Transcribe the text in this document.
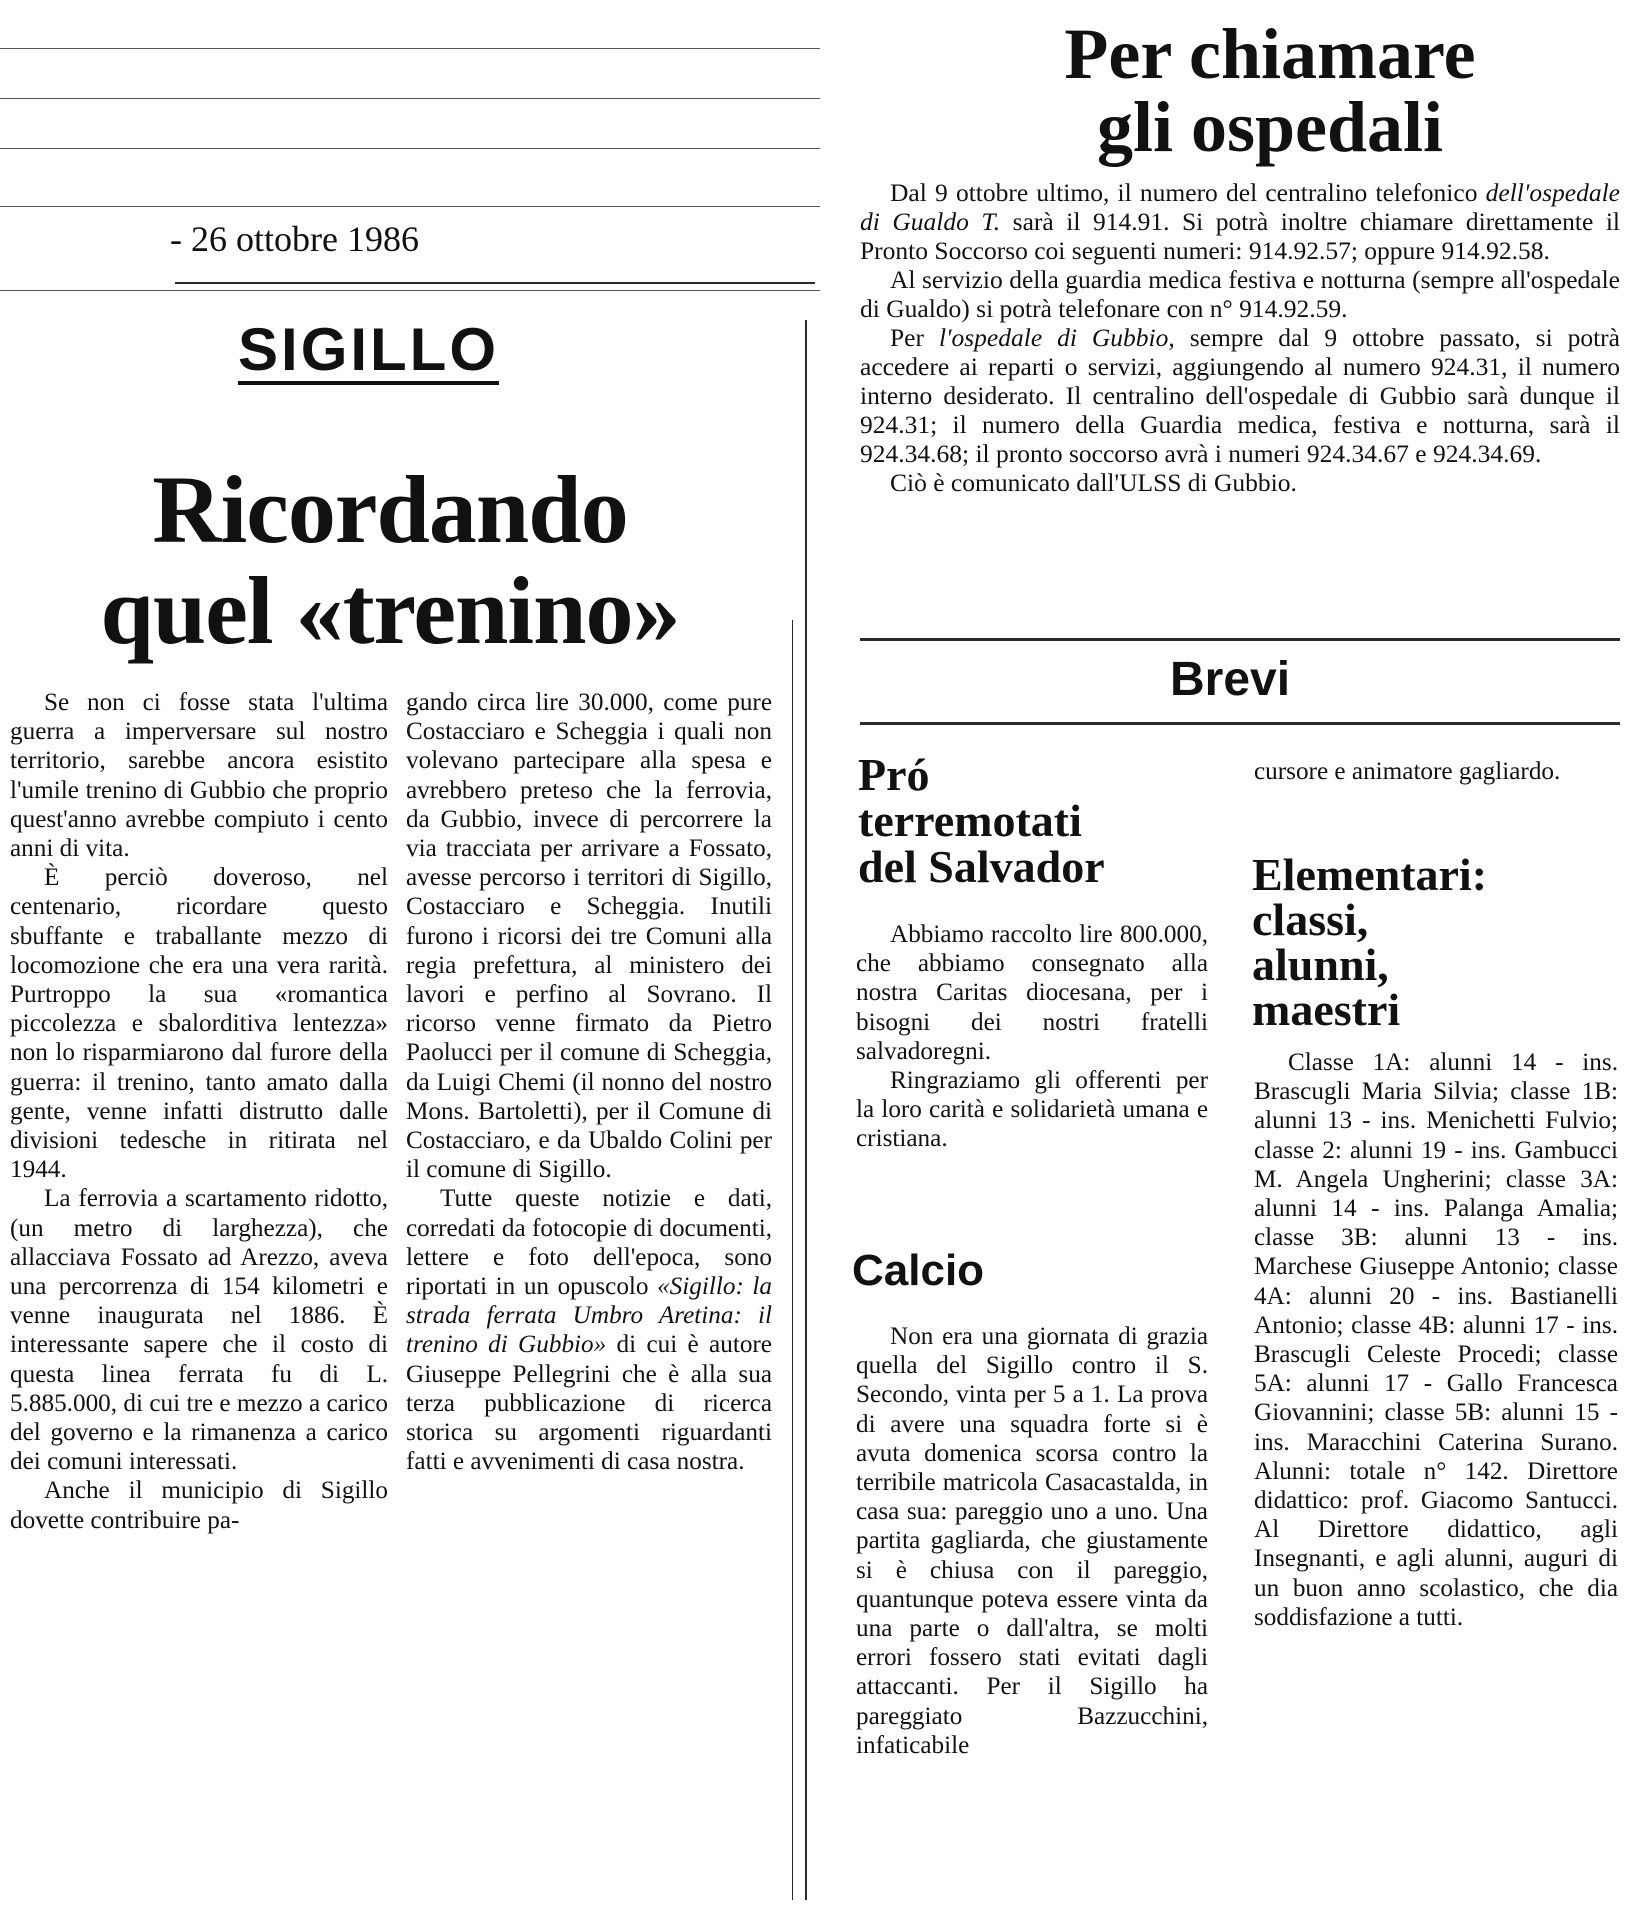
- 26 ottobre 1986
SIGILLO
Ricordando
quel «trenino»

Se non ci fosse stata l'ultima guerra a imperversare sul nostro territorio, sarebbe ancora esistito l'umile trenino di Gubbio che proprio quest'anno avrebbe compiuto i cento anni di vita.

È perciò doveroso, nel centenario, ricordare questo sbuffante e traballante mezzo di locomozione che era una vera rarità. Purtroppo la sua «romantica piccolezza e sbalorditiva lentezza» non lo risparmiarono dal furore della guerra: il trenino, tanto amato dalla gente, venne infatti distrutto dalle divisioni tedesche in ritirata nel 1944.

La ferrovia a scartamento ridotto, (un metro di larghezza), che allacciava Fossato ad Arezzo, aveva una percorrenza di 154 kilometri e venne inaugurata nel 1886. È interessante sapere che il costo di questa linea ferrata fu di L. 5.885.000, di cui tre e mezzo a carico del governo e la rimanenza a carico dei comuni interessati.

Anche il municipio di Sigillo dovette contribuire pa-

gando circa lire 30.000, come pure Costacciaro e Scheggia i quali non volevano partecipare alla spesa e avrebbero preteso che la ferrovia, da Gubbio, invece di percorrere la via tracciata per arrivare a Fossato, avesse percorso i territori di Sigillo, Costacciaro e Scheggia. Inutili furono i ricorsi dei tre Comuni alla regia prefettura, al ministero dei lavori e perfino al Sovrano. Il ricorso venne firmato da Pietro Paolucci per il comune di Scheggia, da Luigi Chemi (il nonno del nostro Mons. Bartoletti), per il Comune di Costacciaro, e da Ubaldo Colini per il comune di Sigillo.

Tutte queste notizie e dati, corredati da fotocopie di documenti, lettere e foto dell'epoca, sono riportati in un opuscolo «Sigillo: la strada ferrata Umbro Aretina: il trenino di Gubbio» di cui è autore Giuseppe Pellegrini che è alla sua terza pubblicazione di ricerca storica su argomenti riguardanti fatti e avvenimenti di casa nostra.

Per chiamare
gli ospedali

Dal 9 ottobre ultimo, il numero del centralino telefonico dell'ospedale di Gualdo T. sarà il 914.91. Si potrà inoltre chiamare direttamente il Pronto Soccorso coi seguenti numeri: 914.92.57; oppure 914.92.58.

Al servizio della guardia medica festiva e notturna (sempre all'ospedale di Gualdo) si potrà telefonare con n° 914.92.59.

Per l'ospedale di Gubbio, sempre dal 9 ottobre passato, si potrà accedere ai reparti o servizi, aggiungendo al numero 924.31, il numero interno desiderato. Il centralino dell'ospedale di Gubbio sarà dunque il 924.31; il numero della Guardia medica, festiva e notturna, sarà il 924.34.68; il pronto soccorso avrà i numeri 924.34.67 e 924.34.69.

Ciò è comunicato dall'ULSS di Gubbio.

Brevi
Pró
terremotati
del Salvador

Abbiamo raccolto lire 800.000, che abbiamo consegnato alla nostra Caritas diocesana, per i bisogni dei nostri fratelli salvadoregni.

Ringraziamo gli offerenti per la loro carità e solidarietà umana e cristiana.

Calcio

Non era una giornata di grazia quella del Sigillo contro il S. Secondo, vinta per 5 a 1. La prova di avere una squadra forte si è avuta domenica scorsa contro la terribile matricola Casacastalda, in casa sua: pareggio uno a uno. Una partita gagliarda, che giustamente si è chiusa con il pareggio, quantunque poteva essere vinta da una parte o dall'altra, se molti errori fossero stati evitati dagli attaccanti. Per il Sigillo ha pareggiato Bazzucchini, infaticabile

cursore e animatore gagliardo.

Elementari:
classi,
alunni,
maestri

Classe 1A: alunni 14 - ins. Brascugli Maria Silvia; classe 1B: alunni 13 - ins. Menichetti Fulvio; classe 2: alunni 19 - ins. Gambucci M. Angela Ungherini; classe 3A: alunni 14 - ins. Palanga Amalia; classe 3B: alunni 13 - ins. Marchese Giuseppe Antonio; classe 4A: alunni 20 - ins. Bastianelli Antonio; classe 4B: alunni 17 - ins. Brascugli Celeste Procedi; classe 5A: alunni 17 - Gallo Francesca Giovannini; classe 5B: alunni 15 - ins. Maracchini Caterina Surano. Alunni: totale n° 142. Direttore didattico: prof. Giacomo Santucci. Al Direttore didattico, agli Insegnanti, e agli alunni, auguri di un buon anno scolastico, che dia soddisfazione a tutti.
